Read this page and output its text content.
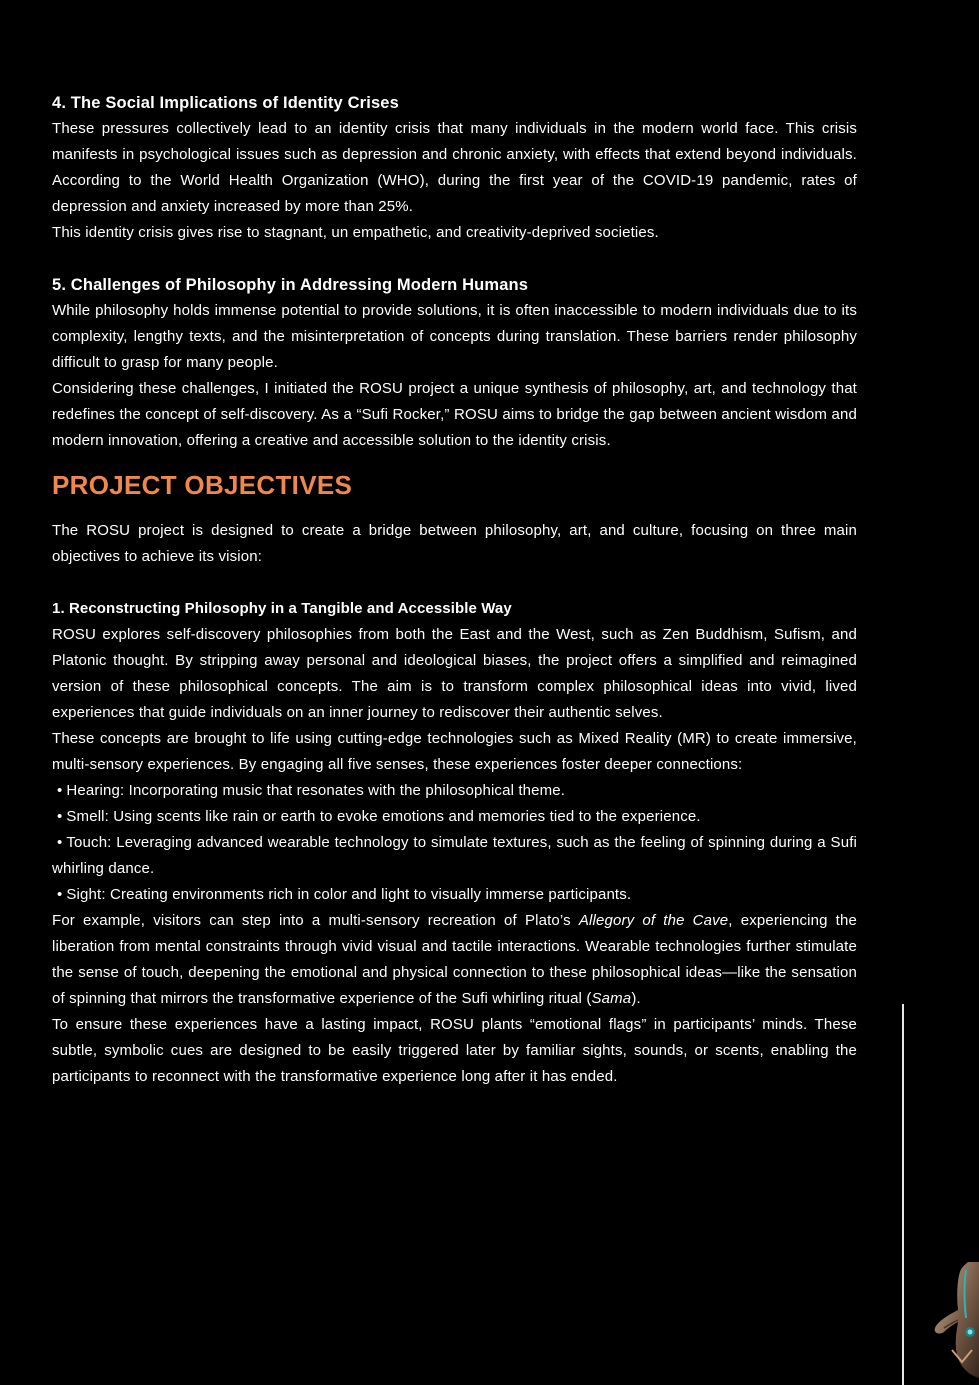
4. The Social Implications of Identity Crises

These pressures collectively lead to an identity crisis that many individuals in the modern world face. This crisis manifests in psychological issues such as depression and chronic anxiety, with effects that extend beyond individuals. According to the World Health Organization (WHO), during the first year of the COVID-19 pandemic, rates of depression and anxiety increased by more than 25%.

This identity crisis gives rise to stagnant, un empathetic, and creativity-deprived societies.

5. Challenges of Philosophy in Addressing Modern Humans

While philosophy holds immense potential to provide solutions, it is often inaccessible to modern individuals due to its complexity, lengthy texts, and the misinterpretation of concepts during translation. These barriers render philosophy difficult to grasp for many people.

Considering these challenges, I initiated the ROSU project a unique synthesis of philosophy, art, and technology that redefines the concept of self-discovery. As a “Sufi Rocker,” ROSU aims to bridge the gap between ancient wisdom and modern innovation, offering a creative and accessible solution to the identity crisis.

PROJECT OBJECTIVES

The ROSU project is designed to create a bridge between philosophy, art, and culture, focusing on three main objectives to achieve its vision:

1. Reconstructing Philosophy in a Tangible and Accessible Way

ROSU explores self-discovery philosophies from both the East and the West, such as Zen Buddhism, Sufism, and Platonic thought. By stripping away personal and ideological biases, the project offers a simplified and reimagined version of these philosophical concepts. The aim is to transform complex philosophical ideas into vivid, lived experiences that guide individuals on an inner journey to rediscover their authentic selves.

These concepts are brought to life using cutting-edge technologies such as Mixed Reality (MR) to create immersive, multi-sensory experiences. By engaging all five senses, these experiences foster deeper connections:

• Hearing: Incorporating music that resonates with the philosophical theme.

• Smell: Using scents like rain or earth to evoke emotions and memories tied to the experience.

• Touch: Leveraging advanced wearable technology to simulate textures, such as the feeling of spinning during a Sufi whirling dance.

• Sight: Creating environments rich in color and light to visually immerse participants.

For example, visitors can step into a multi-sensory recreation of Plato’s Allegory of the Cave, experiencing the liberation from mental constraints through vivid visual and tactile interactions. Wearable technologies further stimulate the sense of touch, deepening the emotional and physical connection to these philosophical ideas—like the sensation of spinning that mirrors the transformative experience of the Sufi whirling ritual (Sama).

To ensure these experiences have a lasting impact, ROSU plants “emotional flags” in participants’ minds. These subtle, symbolic cues are designed to be easily triggered later by familiar sights, sounds, or scents, enabling the participants to reconnect with the transformative experience long after it has ended.
